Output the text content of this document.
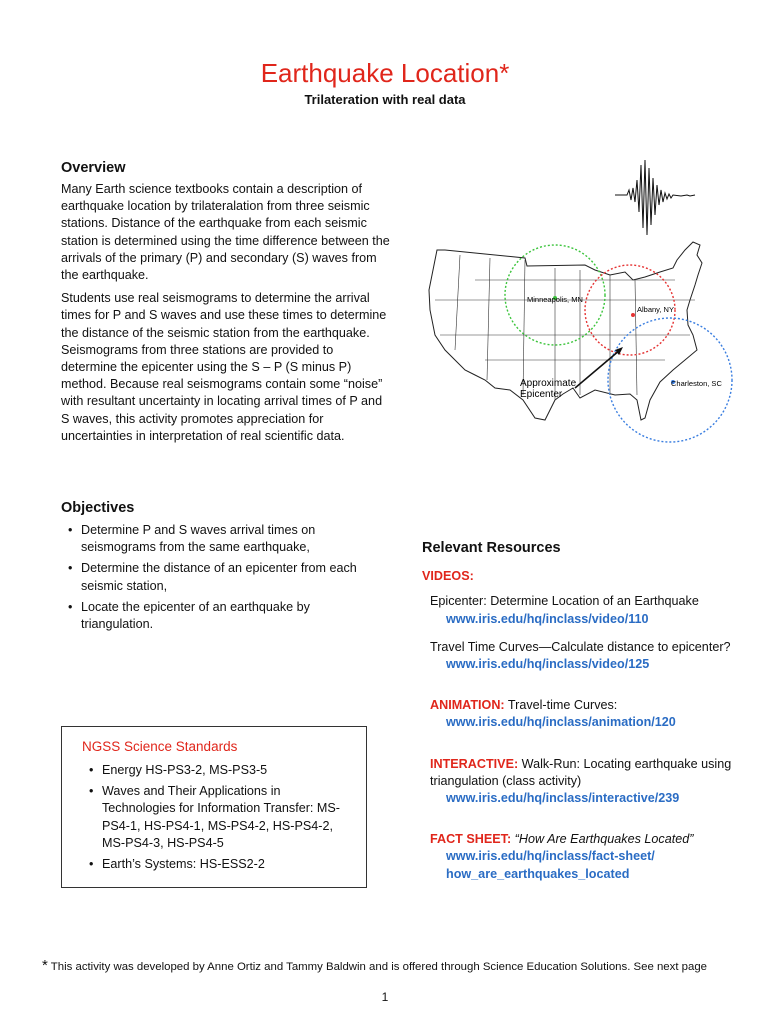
Earthquake Location*
Trilateration with real data
Overview

Many Earth science textbooks contain a description of earthquake location by trilateralation from three seismic stations. Distance of the earthquake from each seismic station is determined using the time difference between the arrivals of the primary (P) and secondary (S) waves from the earthquake.

Students use real seismograms to determine the arrival times for P and S waves and use these times to determine the distance of the seismic station from the earthquake. Seismograms from three stations are provided to determine the epicenter using the S – P (S minus P) method. Because real seismograms contain some “noise” with resultant uncertainty in locating arrival times of P and S waves, this activity promotes appreciation for uncertainties in interpretation of real scientific data.

Minneapolis, MN
Albany, NY
Charleston, SC
Approximate
Epicenter
Objectives
• Determine P and S waves arrival times on seismograms from the same earthquake,
• Determine the distance of an epicenter from each seismic station,
• Locate the epicenter of an earthquake by triangulation.
NGSS Science Standards
• Energy HS-PS3-2, MS-PS3-5
• Waves and Their Applications in Technologies for Information Transfer: MS-PS4-1, HS-PS4-1, MS-PS4-2, HS-PS4-2, MS-PS4-3, HS-PS4-5
• Earth’s Systems: HS-ESS2-2
Relevant Resources
VIDEOS:
Epicenter: Determine Location of an Earthquake
www.iris.edu/hq/inclass/video/110
Travel Time Curves—Calculate distance to epicenter?
www.iris.edu/hq/inclass/video/125
ANIMATION: Travel-time Curves:
www.iris.edu/hq/inclass/animation/120
INTERACTIVE: Walk-Run: Locating earthquake using triangulation (class activity)
www.iris.edu/hq/inclass/interactive/239
FACT SHEET: “How Are Earthquakes Located”
www.iris.edu/hq/inclass/fact-sheet/
how_are_earthquakes_located
* This activity was developed by Anne Ortiz and Tammy Baldwin and is offered through Science Education Solutions. See next page
1
